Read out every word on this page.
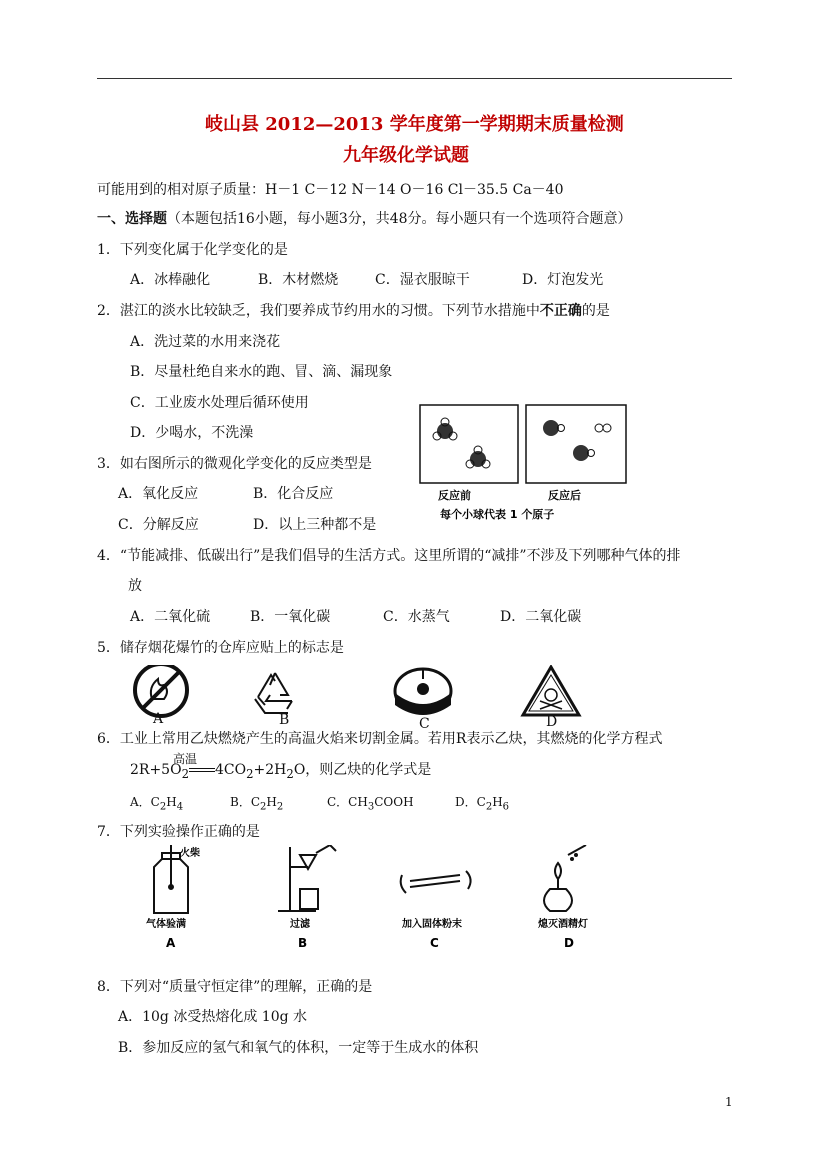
岐山县 2012—2013 学年度第一学期期末质量检测
九年级化学试题
可能用到的相对原子质量：H－1 C－12 N－14 O－16 Cl－35.5 Ca－40
一、选择题（本题包括16小题，每小题3分，共48分。每小题只有一个选项符合题意）
1．下列变化属于化学变化的是
A．冰棒融化	B．木材燃烧	C．湿衣服晾干	D．灯泡发光
2．湛江的淡水比较缺乏，我们要养成节约用水的习惯。下列节水措施中不正确的是
A．洗过菜的水用来浇花
B．尽量杜绝自来水的跑、冒、滴、漏现象
C．工业废水处理后循环使用
D．少喝水，不洗澡
3．如右图所示的微观化学变化的反应类型是
A．氧化反应	B．化合反应
C．分解反应	D．以上三种都不是
反应前	反应后
每个小球代表 1 个原子
4．“节能减排、低碳出行”是我们倡导的生活方式。这里所谓的“减排”不涉及下列哪种气体的排
放
A．二氧化硫	B．一氧化碳	C．水蒸气	D．二氧化碳
5．储存烟花爆竹的仓库应贴上的标志是
A	B	C	D
6．工业上常用乙炔燃烧产生的高温火焰来切割金属。若用R表示乙炔，其燃烧的化学方程式
高温
$2R+5O_2$ $4CO_2+2H_2O$，则乙炔的化学式是
A．$C_2H_4$	B．$C_2H_2$	C．$CH_3COOH$	D．$C_2H_6$
7．下列实验操作正确的是
火柴
气体验满
A
过滤
B
加入固体粉末
C
熄灭酒精灯
D
8．下列对“质量守恒定律”的理解，正确的是
A．10g 冰受热熔化成 10g 水
B．参加反应的氢气和氧气的体积，一定等于生成水的体积
1
